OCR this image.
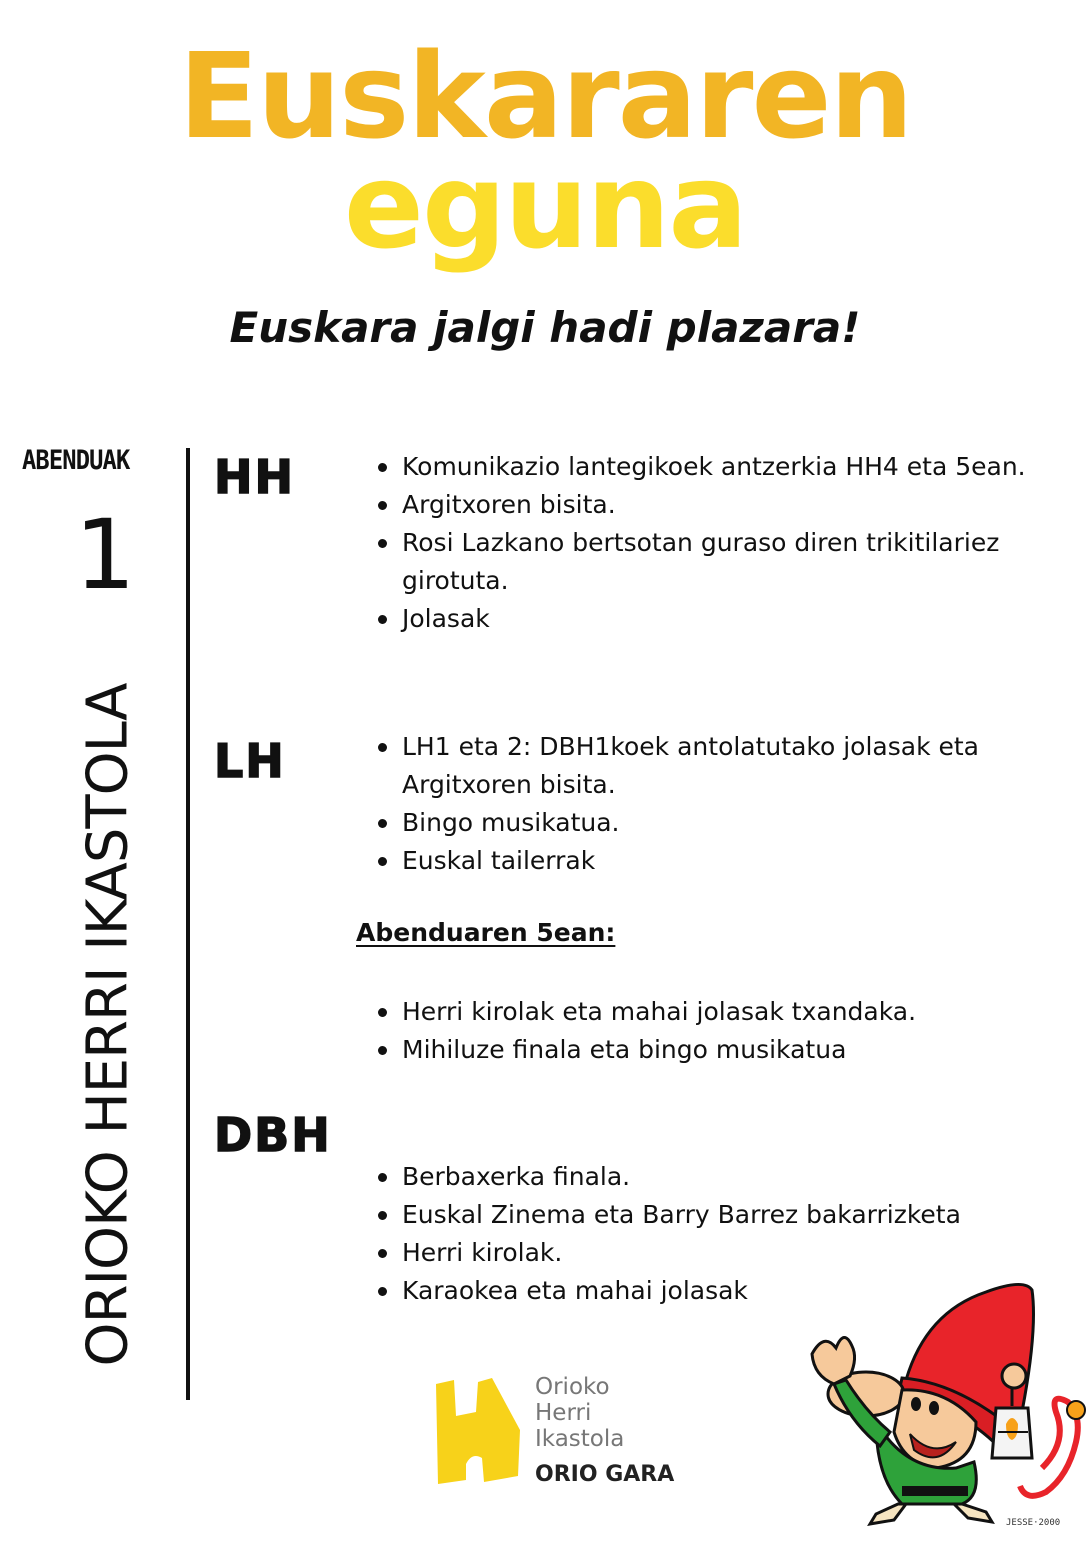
Euskararen
eguna
Euskara jalgi hadi plazara!
ABENDUAK
1
ORIOKO HERRI IKASTOLA
HH	Komunikazio lantegikoek antzerkia HH4 eta 5ean.
Argitxoren bisita.
Rosi Lazkano bertsotan guraso diren trikitilariez girotuta.
Jolasak
LH	LH1 eta 2: DBH1koek antolatutako jolasak eta Argitxoren bisita.
Bingo musikatua.
Euskal tailerrak
Abenduaren 5ean:
Herri kirolak eta mahai jolasak txandaka.
Mihiluze finala eta bingo musikatua
DBH
Berbaxerka finala.
Euskal Zinema eta Barry Barrez bakarrizketa
Herri kirolak.
Karaokea eta mahai jolasak
Orioko
Herri
Ikastola
ORIO GARA
JESSE·2000
